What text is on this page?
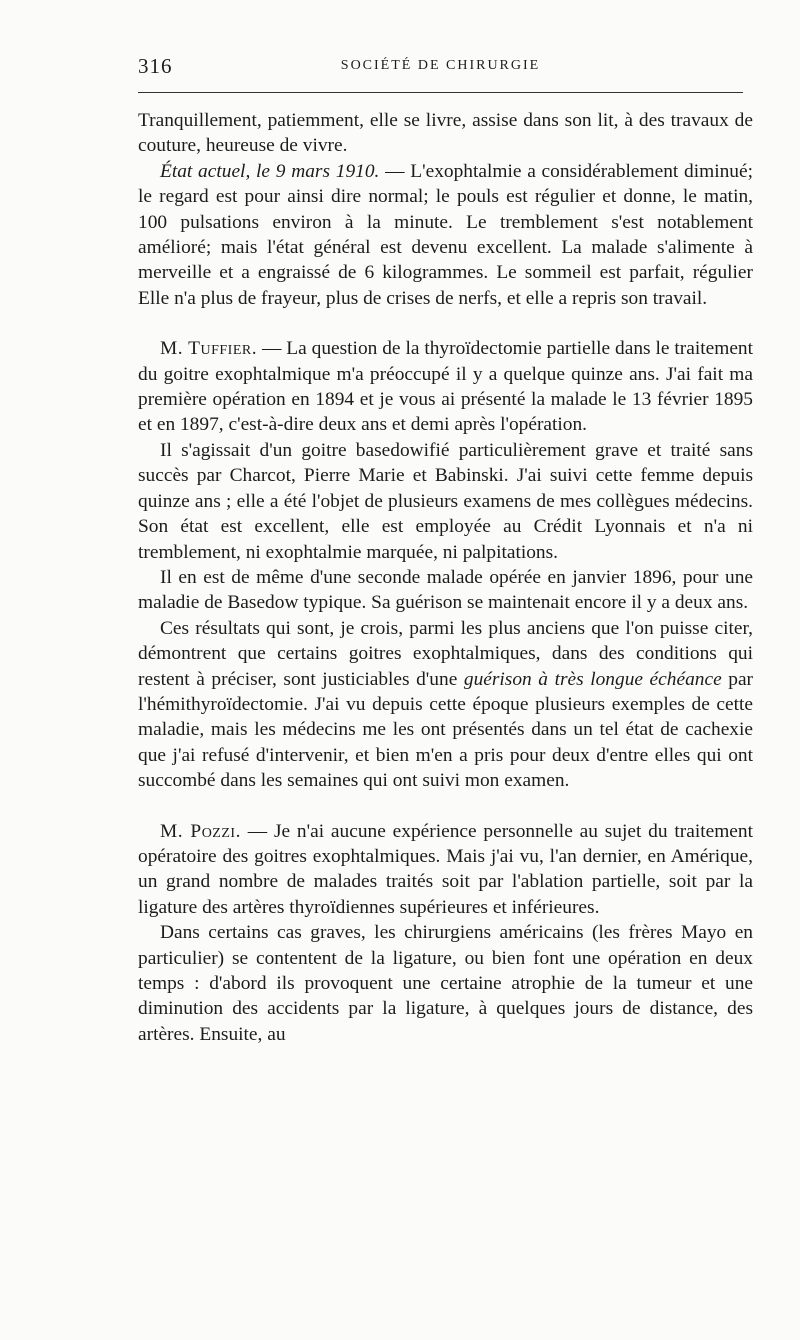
316	SOCIÉTÉ DE CHIRURGIE

Tranquillement, patiemment, elle se livre, assise dans son lit, à des travaux de couture, heureuse de vivre.

État actuel, le 9 mars 1910. — L'exophtalmie a considérablement diminué; le regard est pour ainsi dire normal; le pouls est régulier et donne, le matin, 100 pulsations environ à la minute. Le tremblement s'est notablement amélioré; mais l'état général est devenu excellent. La malade s'alimente à merveille et a engraissé de 6 kilogrammes. Le sommeil est parfait, régulier Elle n'a plus de frayeur, plus de crises de nerfs, et elle a repris son travail.

M. Tuffier. — La question de la thyroïdectomie partielle dans le traitement du goitre exophtalmique m'a préoccupé il y a quelque quinze ans. J'ai fait ma première opération en 1894 et je vous ai présenté la malade le 13 février 1895 et en 1897, c'est-à-dire deux ans et demi après l'opération.

Il s'agissait d'un goitre basedowifié particulièrement grave et traité sans succès par Charcot, Pierre Marie et Babinski. J'ai suivi cette femme depuis quinze ans ; elle a été l'objet de plusieurs examens de mes collègues médecins. Son état est excellent, elle est employée au Crédit Lyonnais et n'a ni tremblement, ni exophtalmie marquée, ni palpitations.

Il en est de même d'une seconde malade opérée en janvier 1896, pour une maladie de Basedow typique. Sa guérison se maintenait encore il y a deux ans.

Ces résultats qui sont, je crois, parmi les plus anciens que l'on puisse citer, démontrent que certains goitres exophtalmiques, dans des conditions qui restent à préciser, sont justiciables d'une guérison à très longue échéance par l'hémithyroïdectomie. J'ai vu depuis cette époque plusieurs exemples de cette maladie, mais les médecins me les ont présentés dans un tel état de cachexie que j'ai refusé d'intervenir, et bien m'en a pris pour deux d'entre elles qui ont succombé dans les semaines qui ont suivi mon examen.

M. Pozzi. — Je n'ai aucune expérience personnelle au sujet du traitement opératoire des goitres exophtalmiques. Mais j'ai vu, l'an dernier, en Amérique, un grand nombre de malades traités soit par l'ablation partielle, soit par la ligature des artères thyroïdiennes supérieures et inférieures.

Dans certains cas graves, les chirurgiens américains (les frères Mayo en particulier) se contentent de la ligature, ou bien font une opération en deux temps : d'abord ils provoquent une certaine atrophie de la tumeur et une diminution des accidents par la ligature, à quelques jours de distance, des artères. Ensuite, au
